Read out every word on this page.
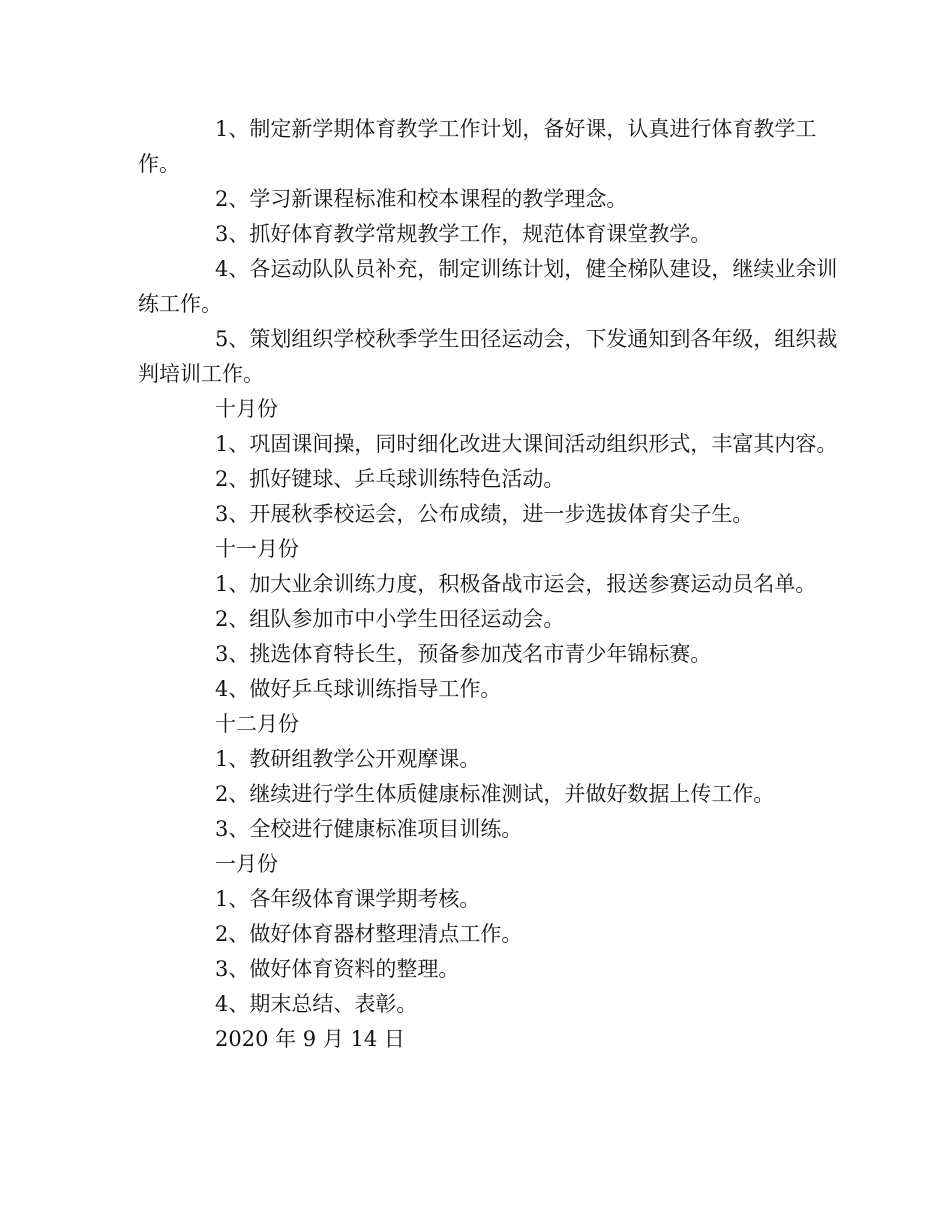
1、制定新学期体育教学工作计划，备好课，认真进行体育教学工作。

2、学习新课程标准和校本课程的教学理念。

3、抓好体育教学常规教学工作，规范体育课堂教学。

4、各运动队队员补充，制定训练计划，健全梯队建设，继续业余训练工作。

5、策划组织学校秋季学生田径运动会，下发通知到各年级，组织裁判培训工作。

十月份

1、巩固课间操，同时细化改进大课间活动组织形式，丰富其内容。

2、抓好键球、乒乓球训练特色活动。

3、开展秋季校运会，公布成绩，进一步选拔体育尖子生。

十一月份

1、加大业余训练力度，积极备战市运会，报送参赛运动员名单。

2、组队参加市中小学生田径运动会。

3、挑选体育特长生，预备参加茂名市青少年锦标赛。

4、做好乒乓球训练指导工作。

十二月份

1、教研组教学公开观摩课。

2、继续进行学生体质健康标准测试，并做好数据上传工作。

3、全校进行健康标准项目训练。

一月份

1、各年级体育课学期考核。

2、做好体育器材整理清点工作。

3、做好体育资料的整理。

4、期末总结、表彰。

2020 年 9 月 14 日
